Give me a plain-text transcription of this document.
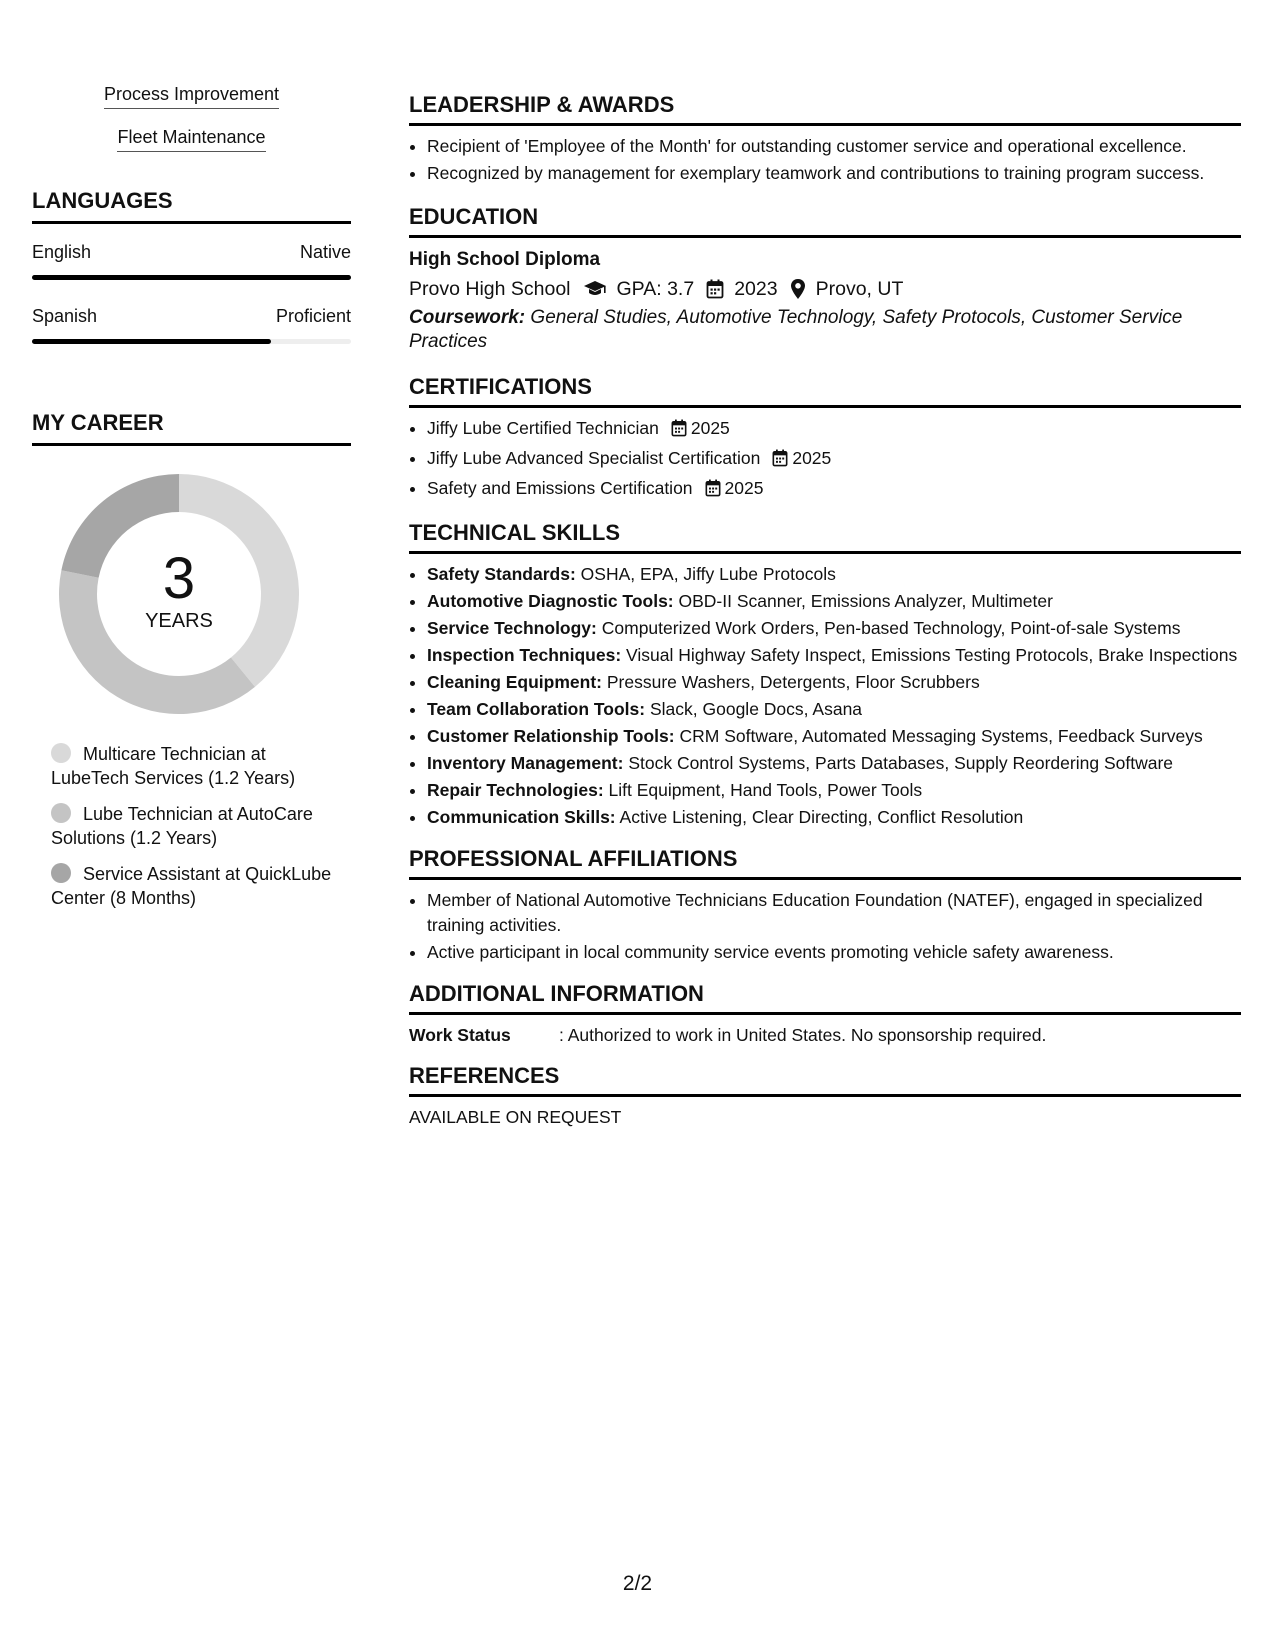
Process Improvement
Fleet Maintenance
LANGUAGES
English	Native
Spanish	Proficient
MY CAREER
3
YEARS
Multicare Technician at LubeTech Services (1.2 Years)
Lube Technician at AutoCare Solutions (1.2 Years)
Service Assistant at QuickLube Center (8 Months)
LEADERSHIP & AWARDS
• Recipient of 'Employee of the Month' for outstanding customer service and operational excellence.
• Recognized by management for exemplary teamwork and contributions to training program success.
EDUCATION
High School Diploma
Provo High School GPA: 3.7 2023 Provo, UT
Coursework: General Studies, Automotive Technology, Safety Protocols, Customer Service Practices
CERTIFICATIONS
• Jiffy Lube Certified Technician 2025
• Jiffy Lube Advanced Specialist Certification 2025
• Safety and Emissions Certification 2025
TECHNICAL SKILLS
• Safety Standards: OSHA, EPA, Jiffy Lube Protocols
• Automotive Diagnostic Tools: OBD-II Scanner, Emissions Analyzer, Multimeter
• Service Technology: Computerized Work Orders, Pen-based Technology, Point-of-sale Systems
• Inspection Techniques: Visual Highway Safety Inspect, Emissions Testing Protocols, Brake Inspections
• Cleaning Equipment: Pressure Washers, Detergents, Floor Scrubbers
• Team Collaboration Tools: Slack, Google Docs, Asana
• Customer Relationship Tools: CRM Software, Automated Messaging Systems, Feedback Surveys
• Inventory Management: Stock Control Systems, Parts Databases, Supply Reordering Software
• Repair Technologies: Lift Equipment, Hand Tools, Power Tools
• Communication Skills: Active Listening, Clear Directing, Conflict Resolution
PROFESSIONAL AFFILIATIONS
• Member of National Automotive Technicians Education Foundation (NATEF), engaged in specialized training activities.
• Active participant in local community service events promoting vehicle safety awareness.
ADDITIONAL INFORMATION
Work Status	: Authorized to work in United States. No sponsorship required.
REFERENCES
AVAILABLE ON REQUEST
2/2
